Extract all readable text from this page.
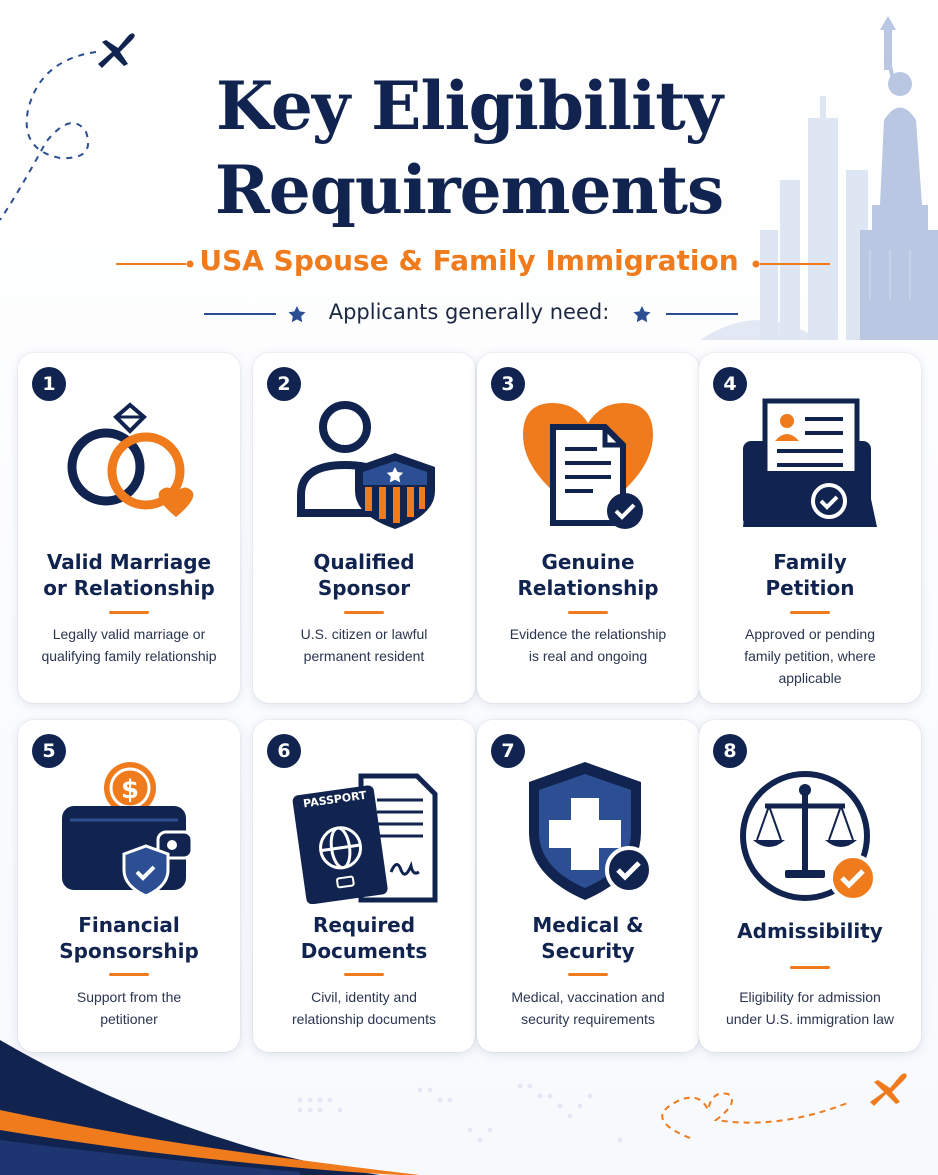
Key Eligibility
Requirements
USA Spouse & Family Immigration
Applicants generally need:
1
Valid Marriage
or Relationship
Legally valid marriage or
qualifying family relationship
2
Qualified
Sponsor
U.S. citizen or lawful
permanent resident
3
Genuine
Relationship
Evidence the relationship
is real and ongoing
4
Family
Petition
Approved or pending
family petition, where
applicable
5
$
Financial
Sponsorship
Support from the
petitioner
6
PASSPORT
Required
Documents
Civil, identity and
relationship documents
7
Medical &
Security
Medical, vaccination and
security requirements
8
Admissibility
Eligibility for admission
under U.S. immigration law
